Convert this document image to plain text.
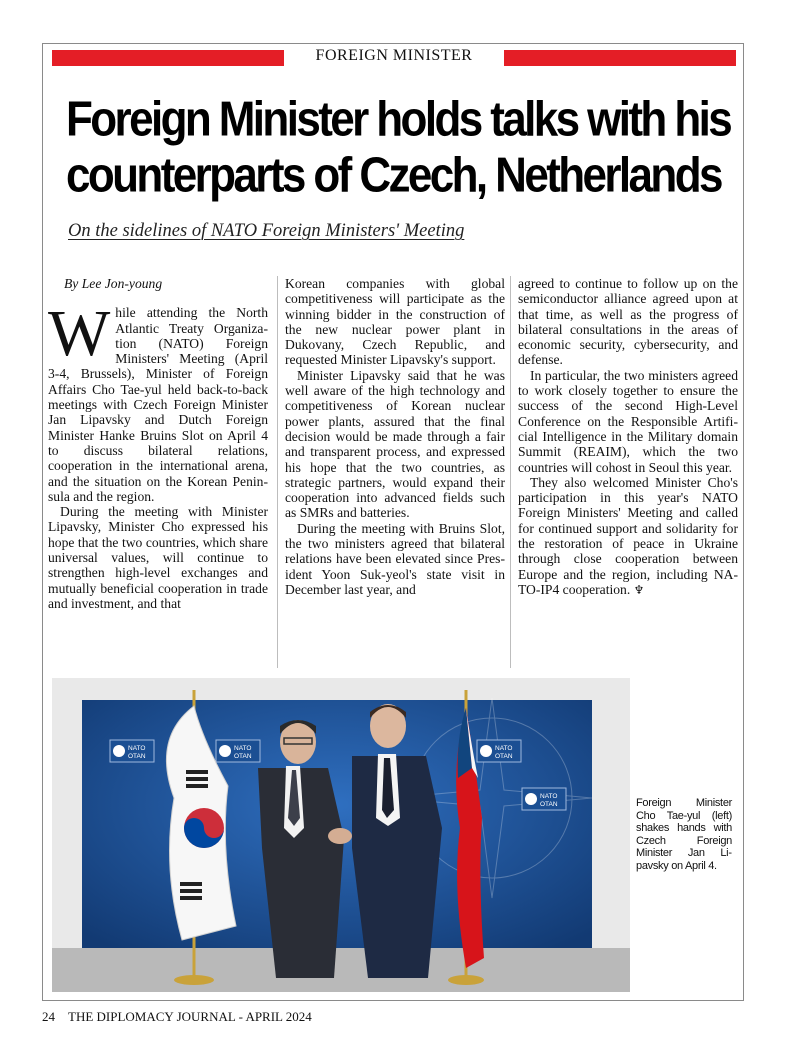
FOREIGN MINISTER
Foreign Minister holds talks with his
counterparts of Czech, Netherlands
On the sidelines of NATO Foreign Ministers' Meeting
By Lee Jon-young

While attending the North Atlantic Treaty Organization (NATO) Foreign Ministers' Meeting (April 3-4, Brussels), Minister of Foreign Affairs Cho Tae-yul held back-to-back meetings with Czech Foreign Minister Jan Lipavsky and Dutch Foreign Minister Hanke Bruins Slot on April 4 to discuss bilateral relations, cooperation in the international arena, and the situation on the Korean Peninsula and the region.

During the meeting with Minister Lipavsky, Minister Cho expressed his hope that the two countries, which share universal values, will continue to strengthen high-level exchanges and mutually beneficial cooperation in trade and investment, and that

Korean companies with global competitiveness will participate as the winning bidder in the construction of the new nuclear power plant in Dukovany, Czech Republic, and requested Minister Lipavsky's support.

Minister Lipavsky said that he was well aware of the high technology and competitiveness of Korean nuclear power plants, assured that the final decision would be made through a fair and transparent process, and expressed his hope that the two countries, as strategic partners, would expand their cooperation into advanced fields such as SMRs and batteries.

During the meeting with Bruins Slot, the two ministers agreed that bilateral relations have been elevated since President Yoon Suk-yeol's state visit in December last year, and

agreed to continue to follow up on the semiconductor alliance agreed upon at that time, as well as the progress of bilateral consultations in the areas of economic security, cybersecurity, and defense.

In particular, the two ministers agreed to work closely together to ensure the success of the second High-Level Conference on the Responsible Artificial Intelligence in the Military domain Summit (REAIM), which the two countries will cohost in Seoul this year.

They also welcomed Minister Cho's participation in this year's NATO Foreign Ministers' Meeting and called for continued support and solidarity for the restoration of peace in Ukraine through close cooperation between Europe and the region, including NATO-IP4 cooperation. ♆

NATO
OTAN
NATO
OTAN
NATO
OTAN
NATO
OTAN	Foreign Minister Cho Tae-yul (left) shakes hands with Czech Foreign Minister Jan Lipavsky on April 4.
24 THE DIPLOMACY JOURNAL - APRIL 2024
